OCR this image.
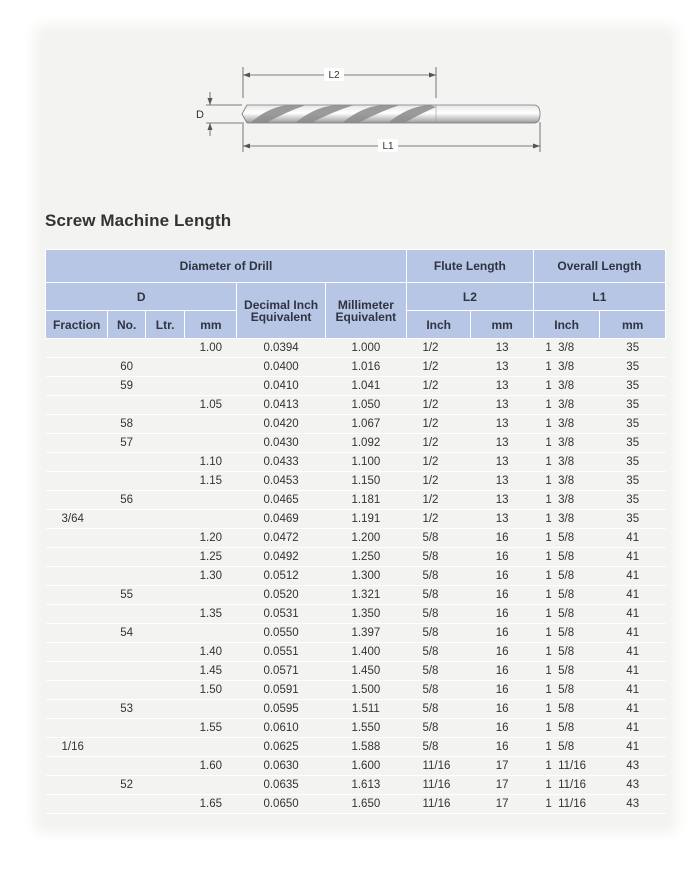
L2
L1
D
Screw Machine Length
Diameter of Drill						Flute Length		Overall Length	
D				Decimal Inch Equivalent	Millimeter Equivalent	L2		L1	
Fraction	No.	Ltr.	mm			Inch	mm	Inch	mm
			1.00	0.0394	1.000	1/2	13	1  3/8	35
	60			0.0400	1.016	1/2	13	1  3/8	35
	59			0.0410	1.041	1/2	13	1  3/8	35
			1.05	0.0413	1.050	1/2	13	1  3/8	35
	58			0.0420	1.067	1/2	13	1  3/8	35
	57			0.0430	1.092	1/2	13	1  3/8	35
			1.10	0.0433	1.100	1/2	13	1  3/8	35
			1.15	0.0453	1.150	1/2	13	1  3/8	35
	56			0.0465	1.181	1/2	13	1  3/8	35
3/64				0.0469	1.191	1/2	13	1  3/8	35
			1.20	0.0472	1.200	5/8	16	1  5/8	41
			1.25	0.0492	1.250	5/8	16	1  5/8	41
			1.30	0.0512	1.300	5/8	16	1  5/8	41
	55			0.0520	1.321	5/8	16	1  5/8	41
			1.35	0.0531	1.350	5/8	16	1  5/8	41
	54			0.0550	1.397	5/8	16	1  5/8	41
			1.40	0.0551	1.400	5/8	16	1  5/8	41
			1.45	0.0571	1.450	5/8	16	1  5/8	41
			1.50	0.0591	1.500	5/8	16	1  5/8	41
	53			0.0595	1.511	5/8	16	1  5/8	41
			1.55	0.0610	1.550	5/8	16	1  5/8	41
1/16				0.0625	1.588	5/8	16	1  5/8	41
			1.60	0.0630	1.600	11/16	17	1  11/16	43
	52			0.0635	1.613	11/16	17	1  11/16	43
			1.65	0.0650	1.650	11/16	17	1  11/16	43
